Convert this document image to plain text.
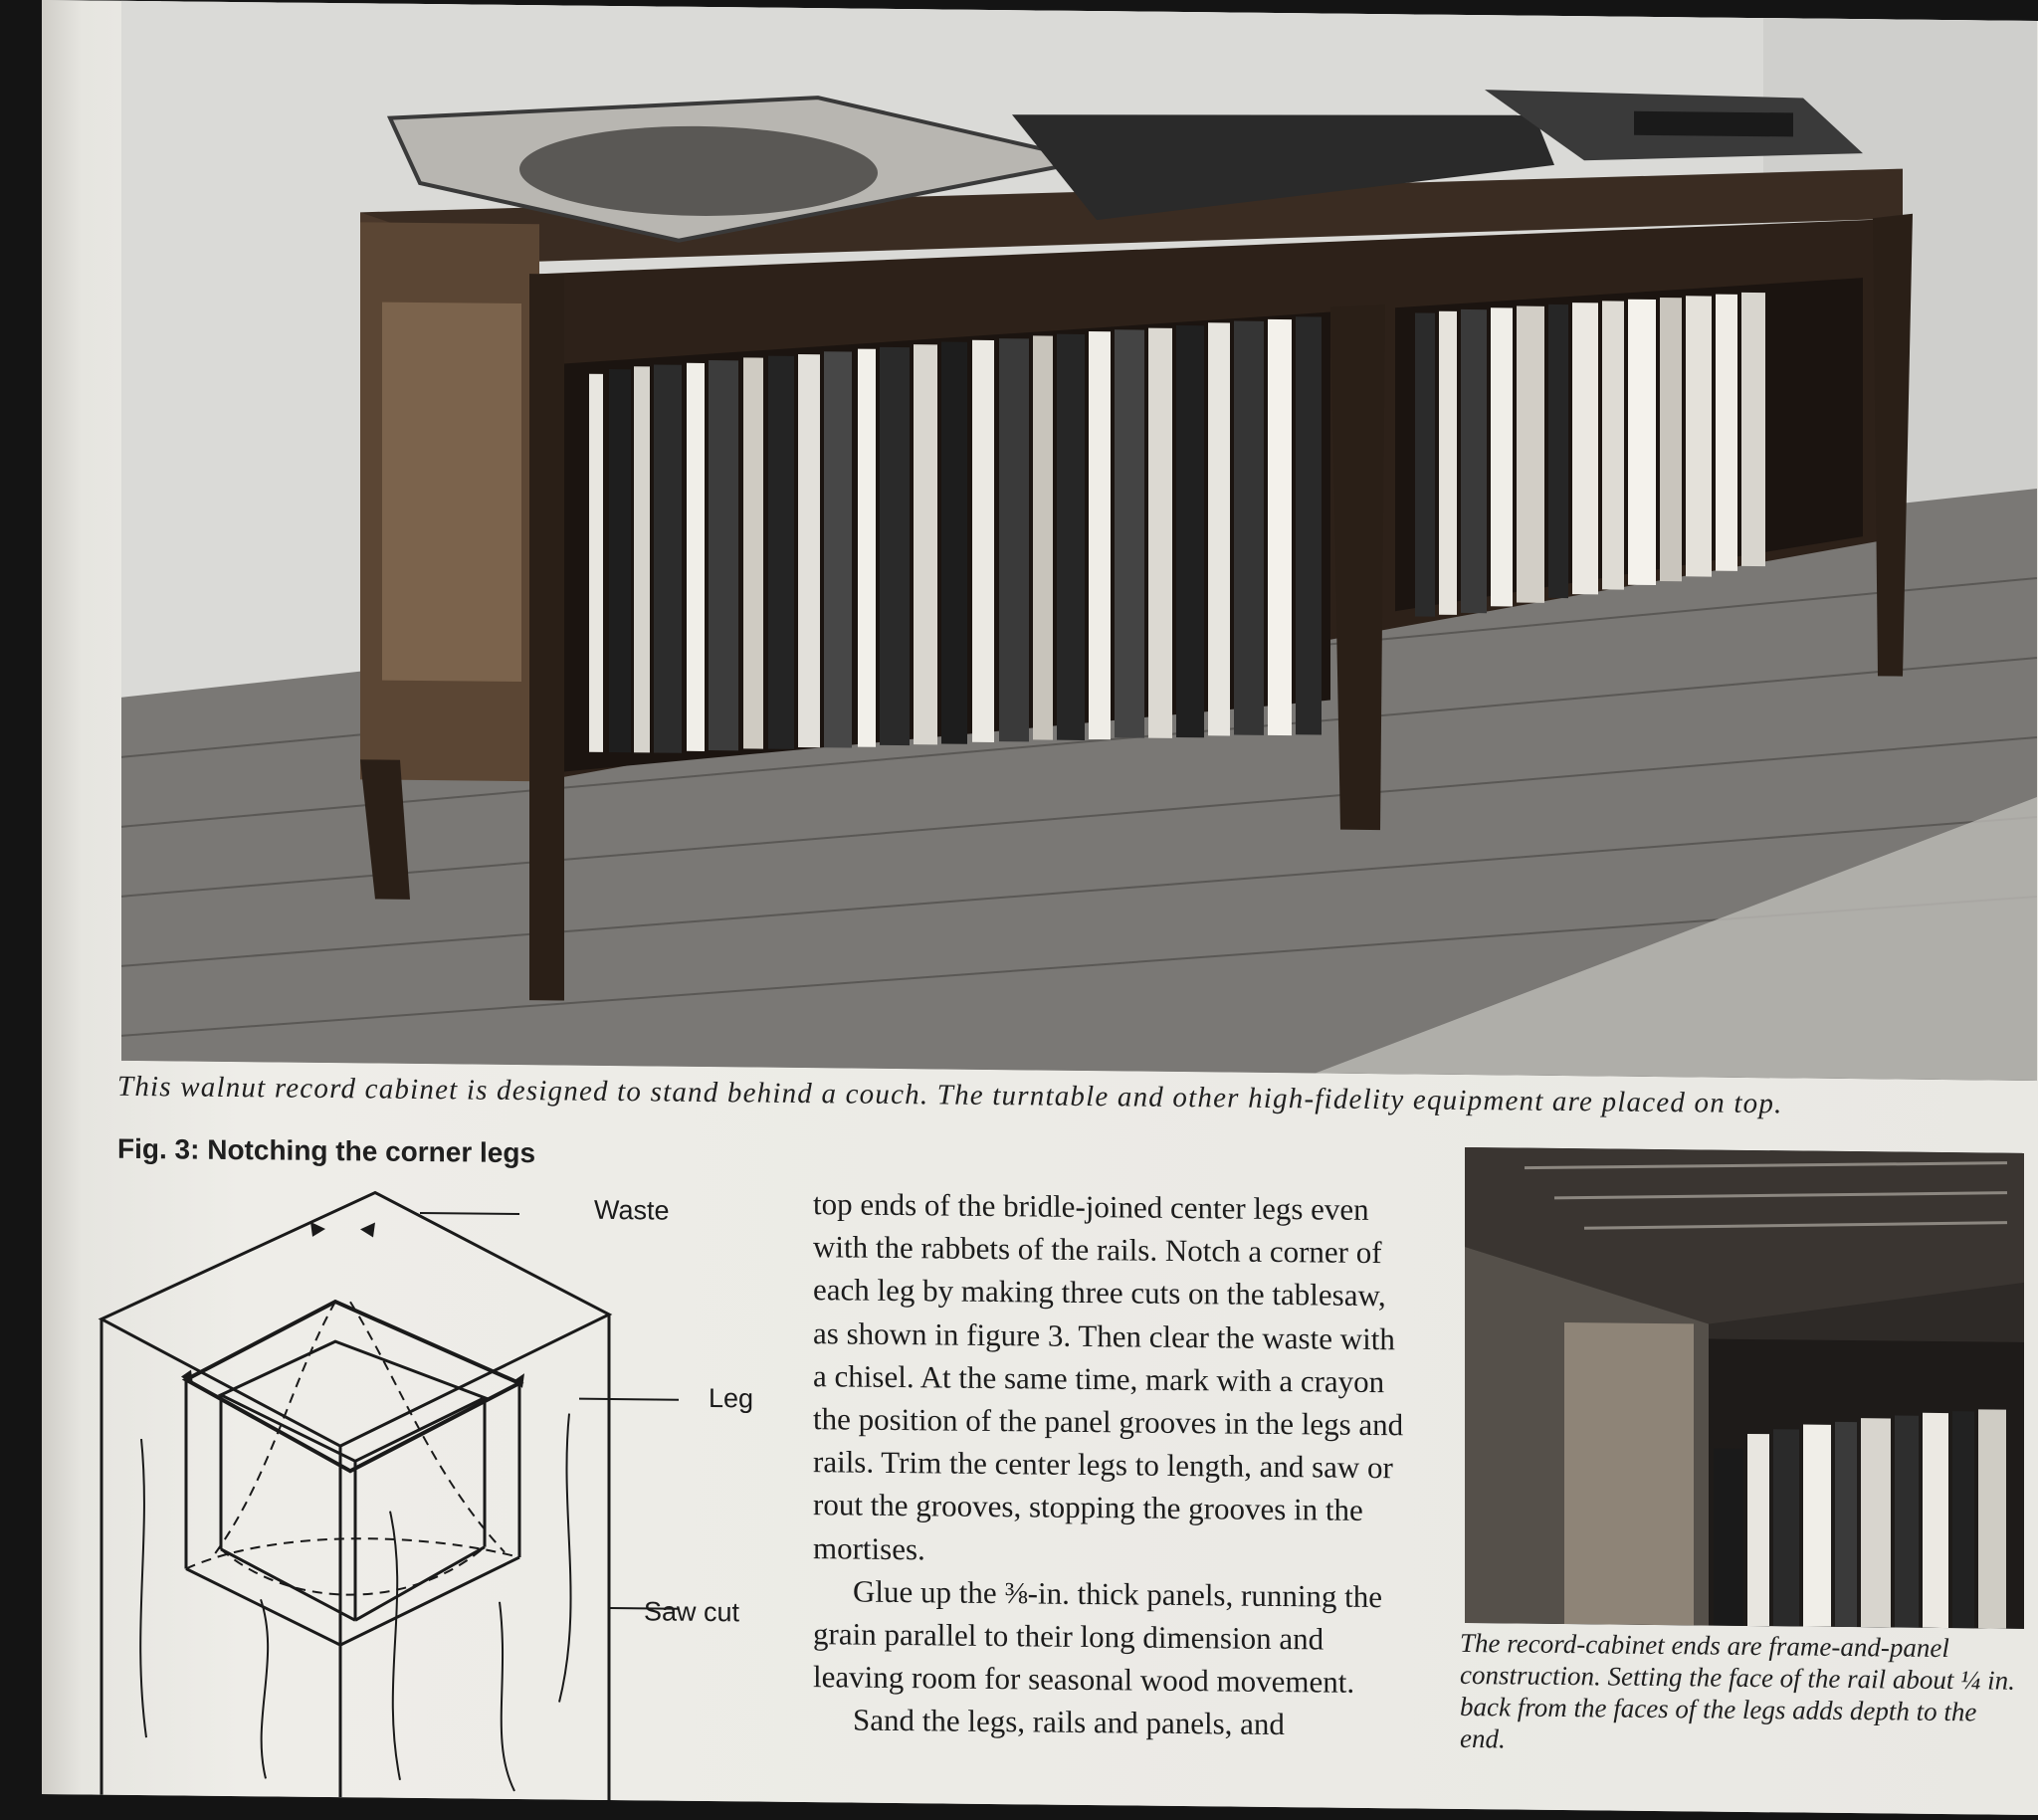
This walnut record cabinet is designed to stand behind a couch. The turntable and other high-fidelity equipment are placed on top.
Fig. 3: Notching the corner legs
Waste
Leg
Saw cut

top ends of the bridle-joined center legs even with the rabbets of the rails. Notch a corner of each leg by making three cuts on the tablesaw, as shown in figure 3. Then clear the waste with a chisel. At the same time, mark with a crayon the position of the panel grooves in the legs and rails. Trim the center legs to length, and saw or rout the grooves, stopping the grooves in the mortises.

Glue up the ⅜-in. thick panels, running the grain parallel to their long dimension and leaving room for seasonal wood movement.

Sand the legs, rails and panels, and

The record-cabinet ends are frame-and-panel construction. Setting the face of the rail about ¼ in. back from the faces of the legs adds depth to the end.
